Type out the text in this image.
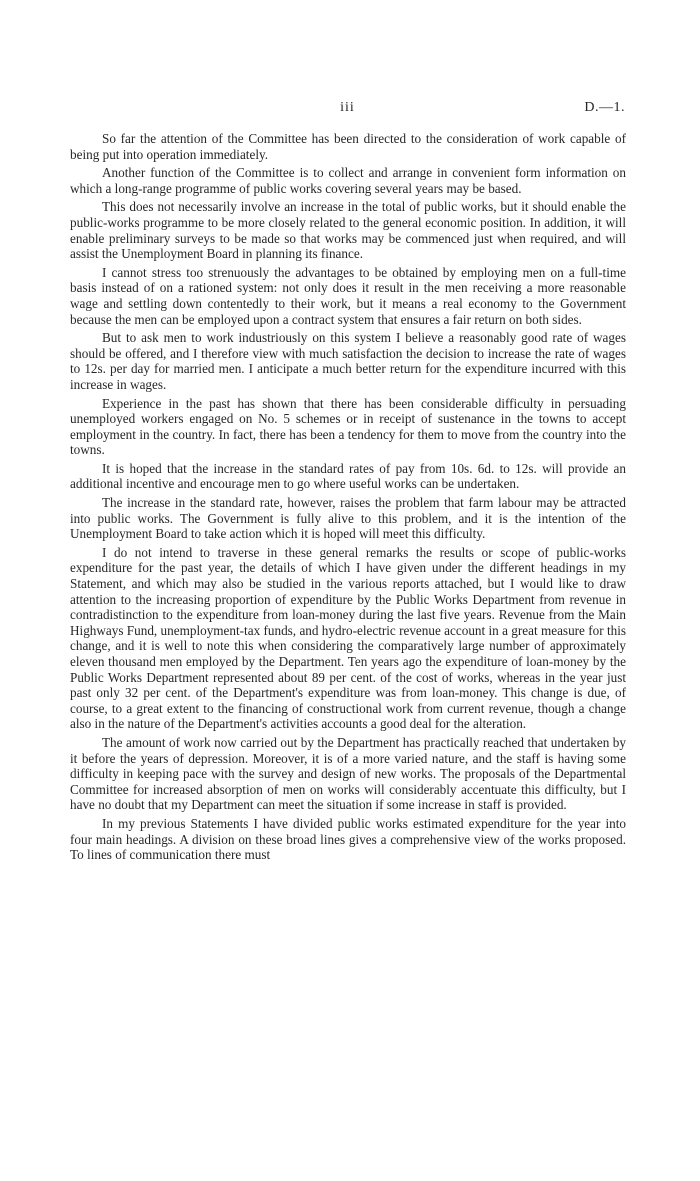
iii	D.—1.

So far the attention of the Committee has been directed to the consideration of work capable of being put into operation immediately.

Another function of the Committee is to collect and arrange in convenient form information on which a long-range programme of public works covering several years may be based.

This does not necessarily involve an increase in the total of public works, but it should enable the public-works programme to be more closely related to the general economic position. In addition, it will enable preliminary surveys to be made so that works may be commenced just when required, and will assist the Unemployment Board in planning its finance.

I cannot stress too strenuously the advantages to be obtained by employing men on a full-time basis instead of on a rationed system: not only does it result in the men receiving a more reasonable wage and settling down contentedly to their work, but it means a real economy to the Government because the men can be employed upon a contract system that ensures a fair return on both sides.

But to ask men to work industriously on this system I believe a reasonably good rate of wages should be offered, and I therefore view with much satisfaction the decision to increase the rate of wages to 12s. per day for married men. I anticipate a much better return for the expenditure incurred with this increase in wages.

Experience in the past has shown that there has been considerable difficulty in persuading unemployed workers engaged on No. 5 schemes or in receipt of sustenance in the towns to accept employment in the country. In fact, there has been a tendency for them to move from the country into the towns.

It is hoped that the increase in the standard rates of pay from 10s. 6d. to 12s. will provide an additional incentive and encourage men to go where useful works can be undertaken.

The increase in the standard rate, however, raises the problem that farm labour may be attracted into public works. The Government is fully alive to this problem, and it is the intention of the Unemployment Board to take action which it is hoped will meet this difficulty.

I do not intend to traverse in these general remarks the results or scope of public-works expenditure for the past year, the details of which I have given under the different headings in my Statement, and which may also be studied in the various reports attached, but I would like to draw attention to the increasing proportion of expenditure by the Public Works Department from revenue in contradistinction to the expenditure from loan-money during the last five years. Revenue from the Main Highways Fund, unemployment-tax funds, and hydro-electric revenue account in a great measure for this change, and it is well to note this when considering the comparatively large number of approximately eleven thousand men employed by the Department. Ten years ago the expenditure of loan-money by the Public Works Department represented about 89 per cent. of the cost of works, whereas in the year just past only 32 per cent. of the Department's expenditure was from loan-money. This change is due, of course, to a great extent to the financing of constructional work from current revenue, though a change also in the nature of the Department's activities accounts a good deal for the alteration.

The amount of work now carried out by the Department has practically reached that undertaken by it before the years of depression. Moreover, it is of a more varied nature, and the staff is having some difficulty in keeping pace with the survey and design of new works. The proposals of the Departmental Committee for increased absorption of men on works will considerably accentuate this difficulty, but I have no doubt that my Department can meet the situation if some increase in staff is provided.

In my previous Statements I have divided public works estimated expenditure for the year into four main headings. A division on these broad lines gives a comprehensive view of the works proposed. To lines of communication there must
